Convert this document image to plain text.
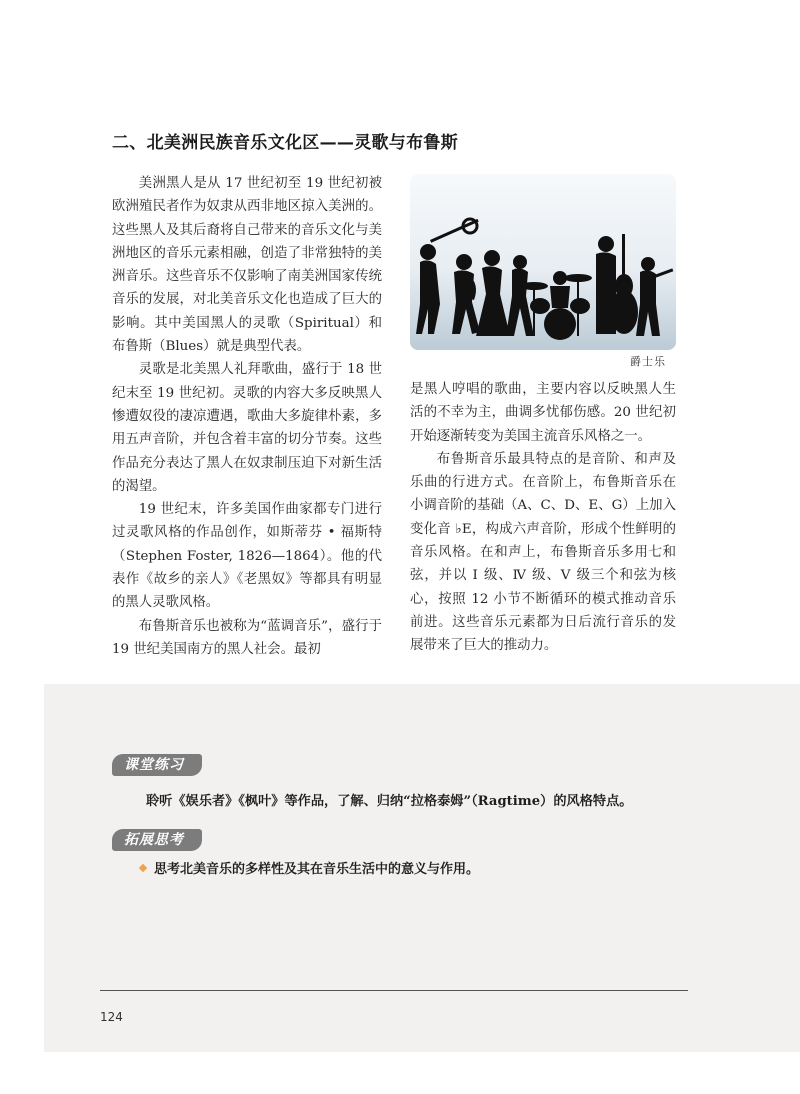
二、北美洲民族音乐文化区——灵歌与布鲁斯

美洲黑人是从 17 世纪初至 19 世纪初被欧洲殖民者作为奴隶从西非地区掠入美洲的。这些黑人及其后裔将自己带来的音乐文化与美洲地区的音乐元素相融，创造了非常独特的美洲音乐。这些音乐不仅影响了南美洲国家传统音乐的发展，对北美音乐文化也造成了巨大的影响。其中美国黑人的灵歌（Spiritual）和布鲁斯（Blues）就是典型代表。

灵歌是北美黑人礼拜歌曲，盛行于 18 世纪末至 19 世纪初。灵歌的内容大多反映黑人惨遭奴役的凄凉遭遇，歌曲大多旋律朴素，多用五声音阶，并包含着丰富的切分节奏。这些作品充分表达了黑人在奴隶制压迫下对新生活的渴望。

19 世纪末，许多美国作曲家都专门进行过灵歌风格的作品创作，如斯蒂芬 • 福斯特（Stephen Foster, 1826—1864）。他的代表作《故乡的亲人》《老黑奴》等都具有明显的黑人灵歌风格。

布鲁斯音乐也被称为“蓝调音乐”，盛行于 19 世纪美国南方的黑人社会。最初

爵士乐

是黑人哼唱的歌曲，主要内容以反映黑人生活的不幸为主，曲调多忧郁伤感。20 世纪初开始逐渐转变为美国主流音乐风格之一。

布鲁斯音乐最具特点的是音阶、和声及乐曲的行进方式。在音阶上，布鲁斯音乐在小调音阶的基础（A、C、D、E、G）上加入变化音 ♭E，构成六声音阶，形成个性鲜明的音乐风格。在和声上，布鲁斯音乐多用七和弦，并以 Ⅰ 级、Ⅳ 级、Ⅴ 级三个和弦为核心，按照 12 小节不断循环的模式推动音乐前进。这些音乐元素都为日后流行音乐的发展带来了巨大的推动力。

课堂练习
聆听《娱乐者》《枫叶》等作品，了解、归纳“拉格泰姆”（Ragtime）的风格特点。
拓展思考
思考北美音乐的多样性及其在音乐生活中的意义与作用。
124
